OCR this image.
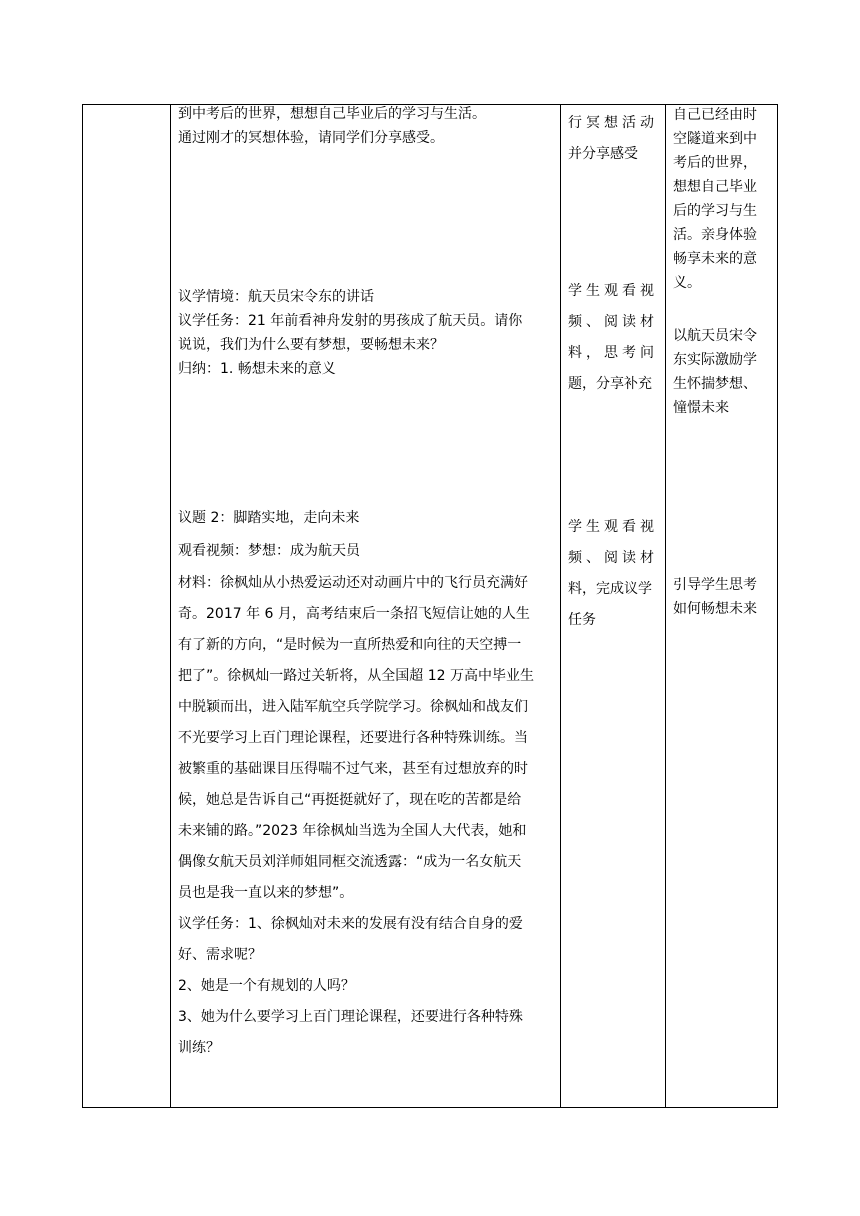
到中考后的世界，想想自己毕业后的学习与生活。
通过刚才的冥想体验，请同学们分享感受。
议学情境：航天员宋令东的讲话
议学任务：21 年前看神舟发射的男孩成了航天员。请你
说说，我们为什么要有梦想，要畅想未来？
归纳：1. 畅想未来的意义
议题 2：脚踏实地，走向未来
观看视频：梦想：成为航天员
材料：徐枫灿从小热爱运动还对动画片中的飞行员充满好
奇。2017 年 6 月，高考结束后一条招飞短信让她的人生
有了新的方向，“是时候为一直所热爱和向往的天空搏一
把了”。徐枫灿一路过关斩将，从全国超 12 万高中毕业生
中脱颖而出，进入陆军航空兵学院学习。徐枫灿和战友们
不光要学习上百门理论课程，还要进行各种特殊训练。当
被繁重的基础课目压得喘不过气来，甚至有过想放弃的时
候，她总是告诉自己“再挺挺就好了，现在吃的苦都是给
未来铺的路。”2023 年徐枫灿当选为全国人大代表，她和
偶像女航天员刘洋师姐同框交流透露：“成为一名女航天
员也是我一直以来的梦想”。
议学任务：1、徐枫灿对未来的发展有没有结合自身的爱
好、需求呢？
2、她是一个有规划的人吗？
3、她为什么要学习上百门理论课程，还要进行各种特殊
训练？
行冥想活动
并分享感受
学生观看视
频、阅读材
料，思考问
题，分享补充
学生观看视
频、阅读材
料，完成议学
任务
自己已经由时
空隧道来到中
考后的世界，
想想自己毕业
后的学习与生
活。亲身体验
畅享未来的意
义。
以航天员宋令
东实际激励学
生怀揣梦想、
憧憬未来
引导学生思考
如何畅想未来
